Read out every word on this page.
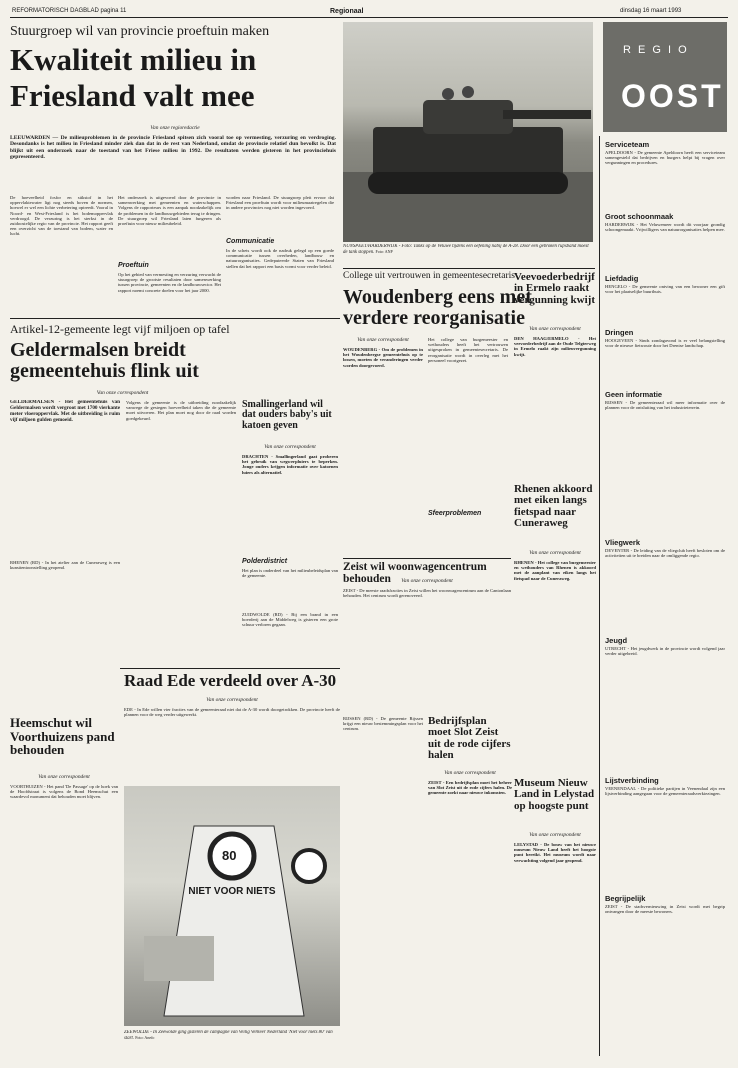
REFORMATORISCH DAGBLAD pagina 11	Regionaal	dinsdag 16 maart 1993
Stuurgroep wil van provincie proeftuin maken
Kwaliteit milieu in
Friesland valt mee
Van onze regioredactie
LEEUWARDEN — De milieuproblemen in de provincie Friesland spitsen zich vooral toe op vermesting, verzuring en verdroging. Desondanks is het milieu in Friesland minder ziek dan dat in de rest van Nederland, omdat de provincie relatief dun bevolkt is. Dat blijkt uit een onderzoek naar de toestand van het Friese milieu in 1992. De resultaten werden gisteren in het provinciehuis gepresenteerd.
De hoeveelheid fosfor en stikstof in het oppervlaktewater ligt nog steeds boven de normen, hoewel er wel een lichte verbetering optreedt. Vooral in Noord- en West-Friesland is het bodemoppervlak verdroogd. De verzuring is het sterkst in de zuidoostelijke regio van de provincie. Het rapport geeft een overzicht van de toestand van bodem, water en lucht.
Het onderzoek is uitgevoerd door de provincie in samenwerking met gemeenten en waterschappen. Volgens de rapporteurs is een aanpak noodzakelijk om de problemen in de landbouwgebieden terug te dringen. De stuurgroep wil Friesland laten fungeren als proeftuin voor nieuw milieubeleid.
Proeftuin
Op het gebied van vermesting en verzuring verwacht de stuurgroep de grootste resultaten door samenwerking tussen provincie, gemeenten en de landbouwsector. Het rapport noemt concrete doelen voor het jaar 2000.
worden naar Friesland. De stuurgroep pleit ervoor dat Friesland een proeftuin wordt voor milieumaatregelen die in andere provincies nog niet worden ingevoerd.
Communicatie
In de schets wordt ook de nadruk gelegd op een goede communicatie tussen overheden, landbouw en natuurorganisaties. Gedeputeerde Staten van Friesland stellen dat het rapport een basis vormt voor verder beleid.
NUNSPEET/HARDERWIJK - Foto: Tanks op de Veluwe tijdens een oefening nabij de A-28. Door een gebroken rupsband moest de tank stoppen. Foto: ANP
R E G I O
OOST
Serviceteam
APELDOORN - De gemeente Apeldoorn heeft een serviceteam samengesteld dat bedrijven en burgers helpt bij vragen over vergunningen en procedures.
Groot schoonmaak
HARDERWIJK - Het Veluwemeer wordt dit voorjaar grondig schoongemaakt. Vrijwilligers van natuurorganisaties helpen mee.
Liefdadig
HENGELO - De gemeente ontving van een bewoner een gift voor het plaatselijke buurthuis.
Dringen
HOOGEVEEN - Sinds zondagavond is er veel belangstelling voor de nieuwe fietsroute door het Drentse landschap.
Geen informatie
RIJSSEN - De gemeenteraad wil meer informatie over de plannen voor de ontsluiting van het industrieterrein.
Vliegwerk
DEVENTER - De leiding van de vliegclub heeft besloten om de activiteiten uit te breiden naar de omliggende regio.
Jeugd
UTRECHT - Het jeugdwerk in de provincie wordt volgend jaar verder uitgebreid.
Lijstverbinding
VEENENDAAL - De politieke partijen in Veenendaal zijn een lijstverbinding aangegaan voor de gemeenteraadsverkiezingen.
Begrijpelijk
ZEIST - De stadsvernieuwing in Zeist wordt met begrip ontvangen door de meeste bewoners.
Artikel-12-gemeente legt vijf miljoen op tafel
Geldermalsen breidt gemeentehuis flink uit
Van onze correspondent
GELDERMALSEN - Het gemeentehuis van Geldermalsen wordt vergroot met 1700 vierkante meter vloeroppervlak. Met de uitbreiding is ruim vijf miljoen gulden gemoeid.
Volgens de gemeente is de uitbreiding noodzakelijk vanwege de gestegen hoeveelheid taken die de gemeente moet uitvoeren. Het plan moet nog door de raad worden goedgekeurd.
Smallingerland wil dat ouders baby's uit katoen geven
Van onze correspondent
DRACHTEN - Smallingerland gaat proberen het gebruik van wegwerpluiers te beperken. Jonge ouders krijgen informatie over katoenen luiers als alternatief.
Polderdistrict
Het plan is onderdeel van het milieubeleidsplan van de gemeente.
ZUIDWOLDE (RD) - Bij een brand in een boerderij aan de Middelweg is gisteren een grote schuur verloren gegaan.
RHENEN (RD) - In het atelier aan de Cuneraweg is een kunsttentoonstelling geopend.
Raad Ede verdeeld over A-30
Van onze correspondent
EDE - In Ede willen vier fracties van de gemeenteraad niet dat de A-30 wordt doorgetrokken. De provincie heeft de plannen voor de weg verder uitgewerkt.
Heemschut wil Voorthuizens pand behouden
Van onze correspondent
VOORTHUIZEN - Het pand 'De Passage' op de hoek van de Hoofdstraat is volgens de Bond Heemschut een waardevol monument dat behouden moet blijven.
80
NIET VOOR NIETS
ZEEWOLDE - In Zeewolde ging gisteren de campagne van Veilig Verkeer Nederland 'Niet voor niets 80' van start. Foto: Anefo
College uit vertrouwen in gemeentesecretaris
Woudenberg eens met verdere reorganisatie
Van onze correspondent
WOUDENBERG - Om de problemen in het Woudenbergse gemeentehuis op te lossen, moeten de veranderingen verder worden doorgevoerd.
Het college van burgemeester en wethouders heeft het vertrouwen uitgesproken in gemeentesecretaris. De reorganisatie wordt in overleg met het personeel voortgezet.
Sfeerproblemen
Veevoederbedrijf in Ermelo raakt vergunning kwijt
Van onze correspondent
DEN HAAG/ERMELO - Het veevoederbedrijf aan de Oude Telgterweg in Ermelo raakt zijn milieuvergunning kwijt.
Rhenen akkoord met eiken langs fietspad naar Cuneraweg
Van onze correspondent
RHENEN - Het college van burgemeester en wethouders van Rhenen is akkoord met de aanplant van eiken langs het fietspad naar de Cuneraweg.
Zeist wil woonwagencentrum behouden	Van onze correspondent
ZEIST - De meeste raadsfracties in Zeist willen het woonwagencentrum aan de Cantonlaan behouden. Het centrum wordt gerenoveerd.
RIJSSEN (RD) - De gemeente Rijssen krijgt een nieuw bestemmingsplan voor het centrum.
Bedrijfsplan moet Slot Zeist uit de rode cijfers halen
Van onze correspondent
ZEIST - Een bedrijfsplan moet het beheer van Slot Zeist uit de rode cijfers halen. De gemeente zoekt naar nieuwe inkomsten.
Museum Nieuw Land in Lelystad op hoogste punt
Van onze correspondent
LELYSTAD - De bouw van het nieuwe museum Nieuw Land heeft het hoogste punt bereikt. Het museum wordt naar verwachting volgend jaar geopend.
